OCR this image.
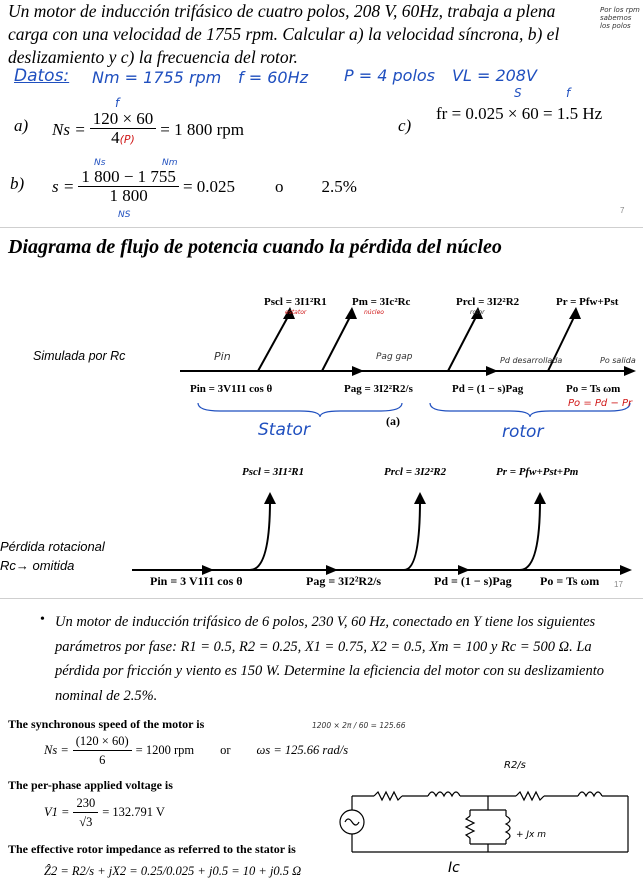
Un motor de inducción trifásico de cuatro polos, 208 V, 60Hz, trabaja a plena carga con una velocidad de 1755 rpm. Calcular a) la velocidad síncrona, b) el deslizamiento y c) la frecuencia del rotor.
Por los rpm sabemos los polos
Datos: Nm = 1755 rpm f = 60Hz P = 4 polos VL = 208V
a)
f
$Ns = \frac{120 \times 60}{4(P)} = 1$ 800 rpm	c)
S	f
fr = 0.025 × 60 = 1.5 Hz
b)
Ns	Nm
$s = \frac{1 800 - 1 755}{1 800} = 0.025$ o 2.5%
NS	7
Diagrama de flujo de potencia cuando la pérdida del núcleo
Simulada por Rc
Pscl = 3I1²R1
estator
Pm = 3Ic²Rc
núcleo
Prcl = 3I2²R2
rotor
Pr = Pfw+Pst
Pin	Pag gap	Pd desarrollada	Po salida
Pin = 3V1I1 cos θ	Pag = 3I2²R2/s	Pd = (1 − s)Pag	Po = Ts ωm
Po = Pd − Pr
(a)
Stator	rotor
Pscl = 3I1²R1	Prcl = 3I2²R2	Pr = Pfw+Pst+Pm
Pérdida rotacional
Rc→ omitida
Pin = 3 V1I1 cos θ	Pag = 3I2²R2/s	Pd = (1 − s)Pag Po = Ts ωm 17
• Un motor de inducción trifásico de 6 polos, 230 V, 60 Hz, conectado en Y tiene los siguientes parámetros por fase: R1 = 0.5, R2 = 0.25, X1 = 0.75, X2 = 0.5, Xm = 100 y Rc = 500 Ω. La pérdida por fricción y viento es 150 W. Determine la eficiencia del motor con su deslizamiento nominal de 2.5%.
The synchronous speed of the motor is	1200 × 2π / 60 = 125.66
$Ns = \frac{(120 \times 60)}{6} = 1200$ rpm or ωs = 125.66 rad/s
The per-phase applied voltage is
$V1 = \frac{230}{√3} = 132.791$ V
The effective rotor impedance as referred to the stator is
Ẑ2 = R2/s + jX2 = 0.25/0.025 + j0.5 = 10 + j0.5 Ω
R2/s
+ Jx m
Ic
